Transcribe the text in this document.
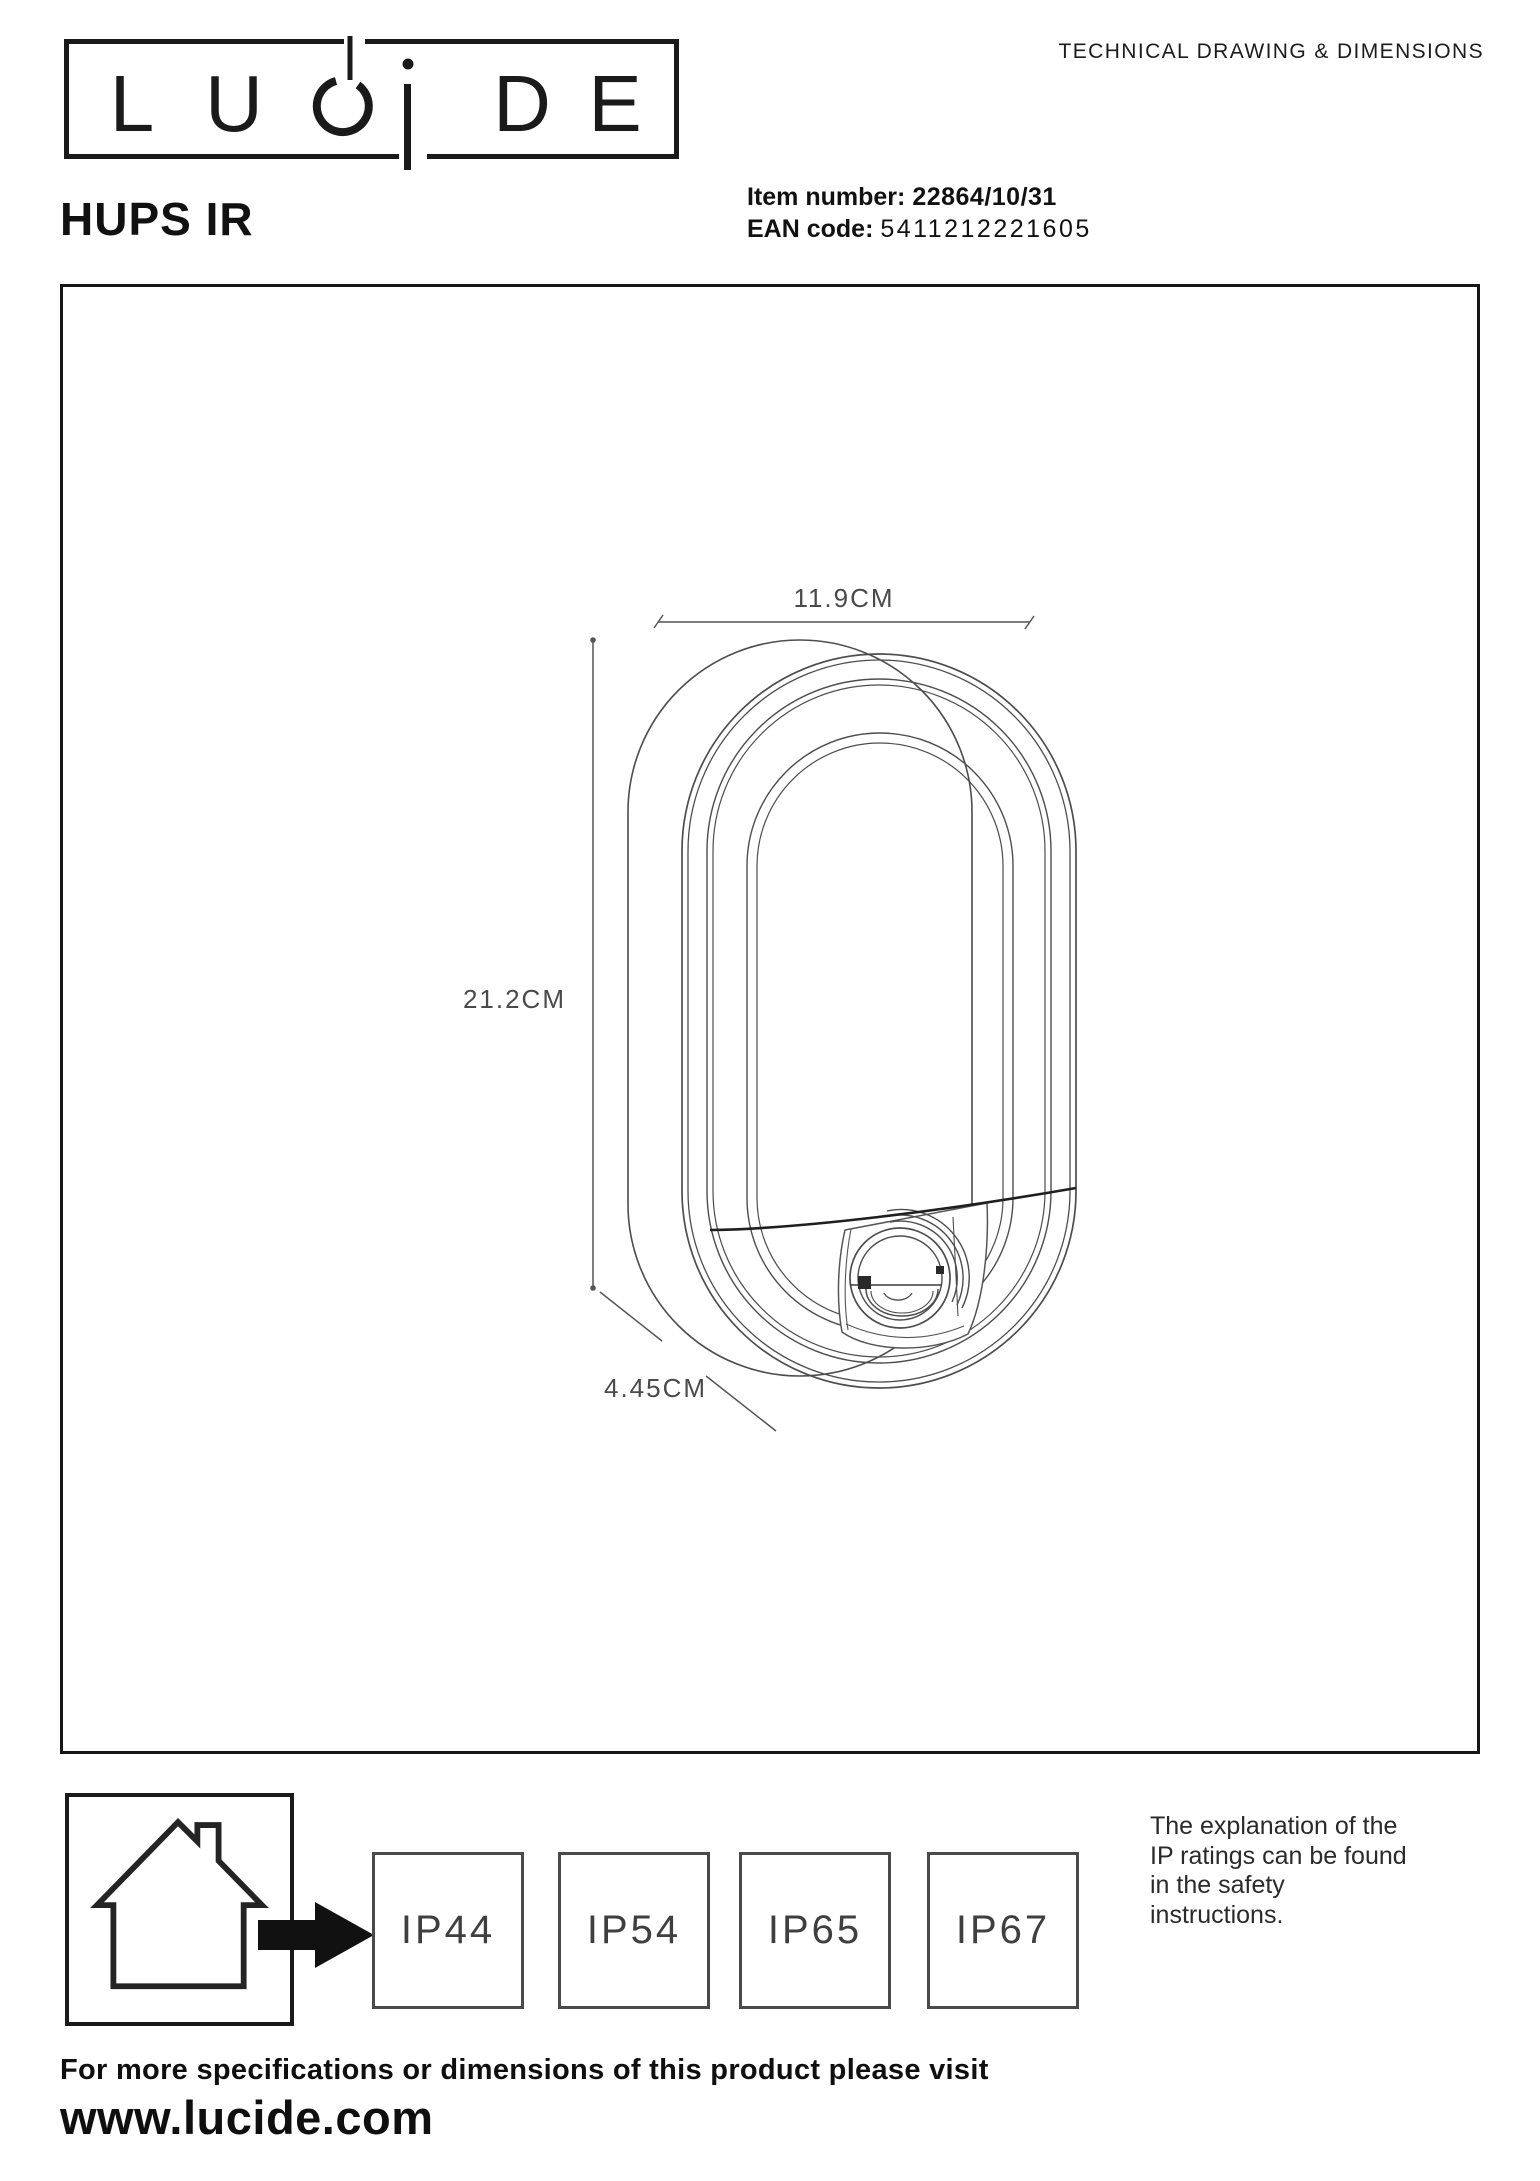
L U	D E
TECHNICAL DRAWING & DIMENSIONS
HUPS IR	Item number: 22864/10/31
EAN code: 5411212221605
11.9CM
21.2CM
4.45CM
IP44	IP54	IP65	IP67
The explanation of the
IP ratings can be found
in the safety
instructions.
For more specifications or dimensions of this product please visit
www.lucide.com
